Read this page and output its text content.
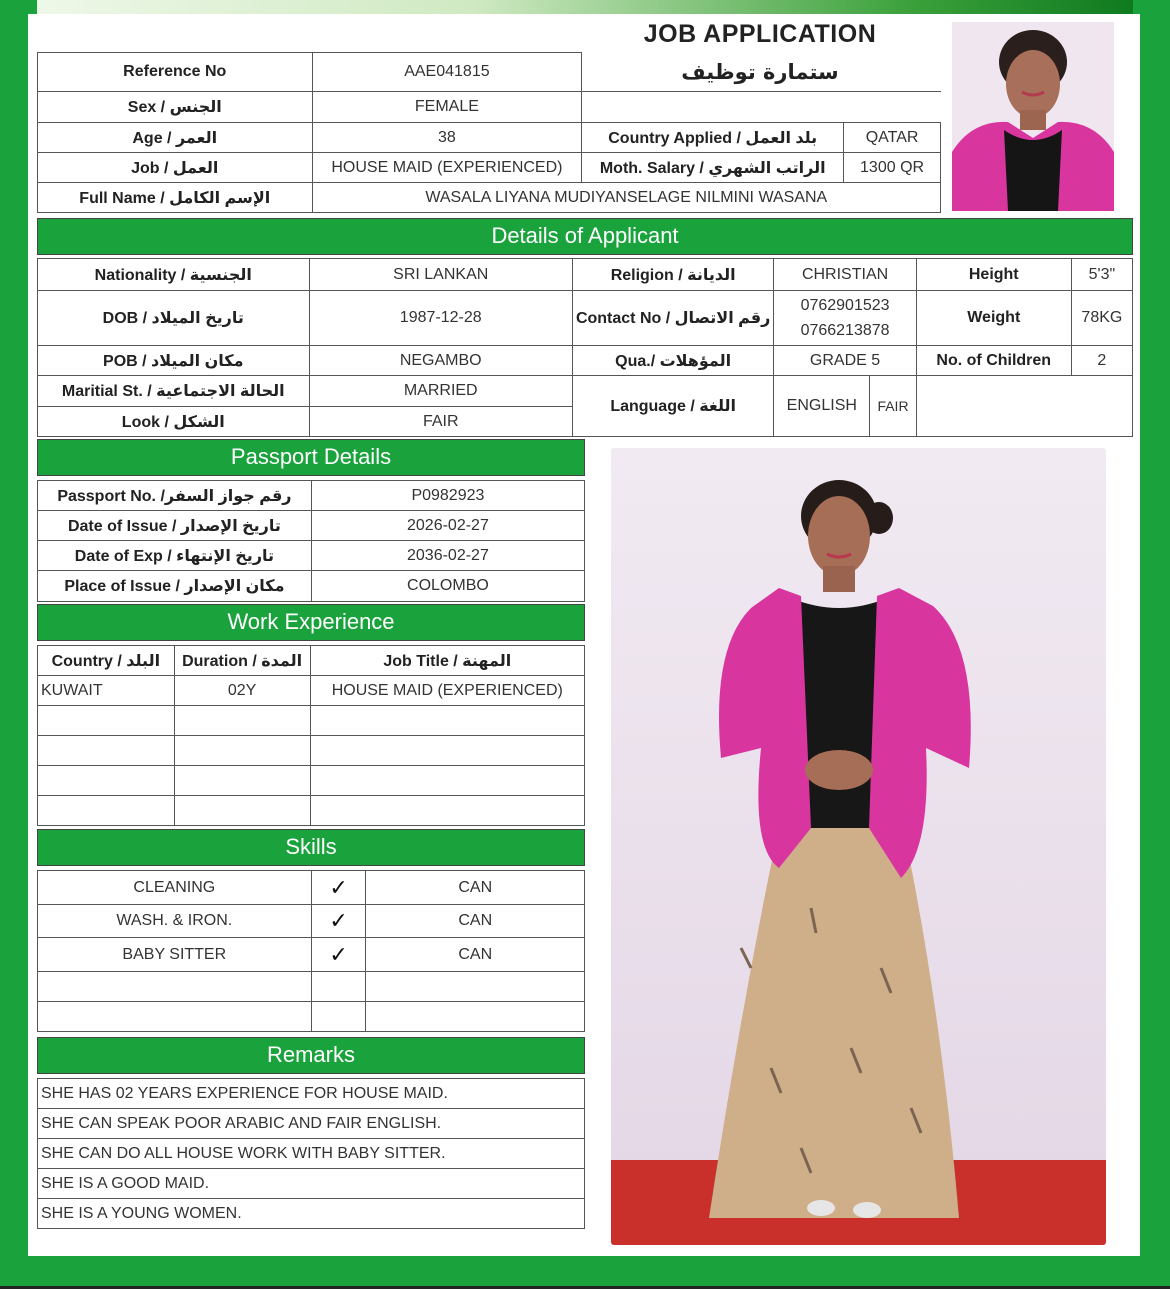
JOB APPLICATION
ستمارة توظيف
Reference No	AAE041815		
Sex / الجنس	FEMALE		
Age / العمر	38	Country Applied / بلد العمل	QATAR
Job / العمل	HOUSE MAID (EXPERIENCED)	Moth. Salary / الراتب الشهري	1300 QR
Full Name / الإسم الكامل	WASALA LIYANA MUDIYANSELAGE NILMINI WASANA		
Details of Applicant
Nationality / الجنسية	SRI LANKAN	Religion / الديانة	CHRISTIAN		Height	5'3"
DOB / تاريخ الميلاد	1987-12-28	Contact No / رقم الاتصال	0762901523
0766213878		Weight	78KG
POB / مكان الميلاد	NEGAMBO	Qua./ المؤهلات	GRADE 5		No. of Children	2
Maritial St. / الحالة الاجتماعية	MARRIED	Language / اللغة	ENGLISH	FAIR		
Look / الشكل	FAIR					
Passport Details
Passport No. /رقم جواز السفر	P0982923
Date of Issue / تاريخ الإصدار	2026-02-27
Date of Exp / تاريخ الإنتهاء	2036-02-27
Place of Issue / مكان الإصدار	COLOMBO
Work Experience
Country / البلد	Duration / المدة	Job Title / المهنة
KUWAIT	02Y	HOUSE MAID (EXPERIENCED)

Skills
CLEANING	✓	CAN
WASH. & IRON.	✓	CAN
BABY SITTER	✓	CAN

Remarks
SHE HAS 02 YEARS EXPERIENCE FOR HOUSE MAID.
SHE CAN SPEAK POOR ARABIC AND FAIR ENGLISH.
SHE CAN DO ALL HOUSE WORK WITH BABY SITTER.
SHE IS A GOOD MAID.
SHE IS A YOUNG WOMEN.
